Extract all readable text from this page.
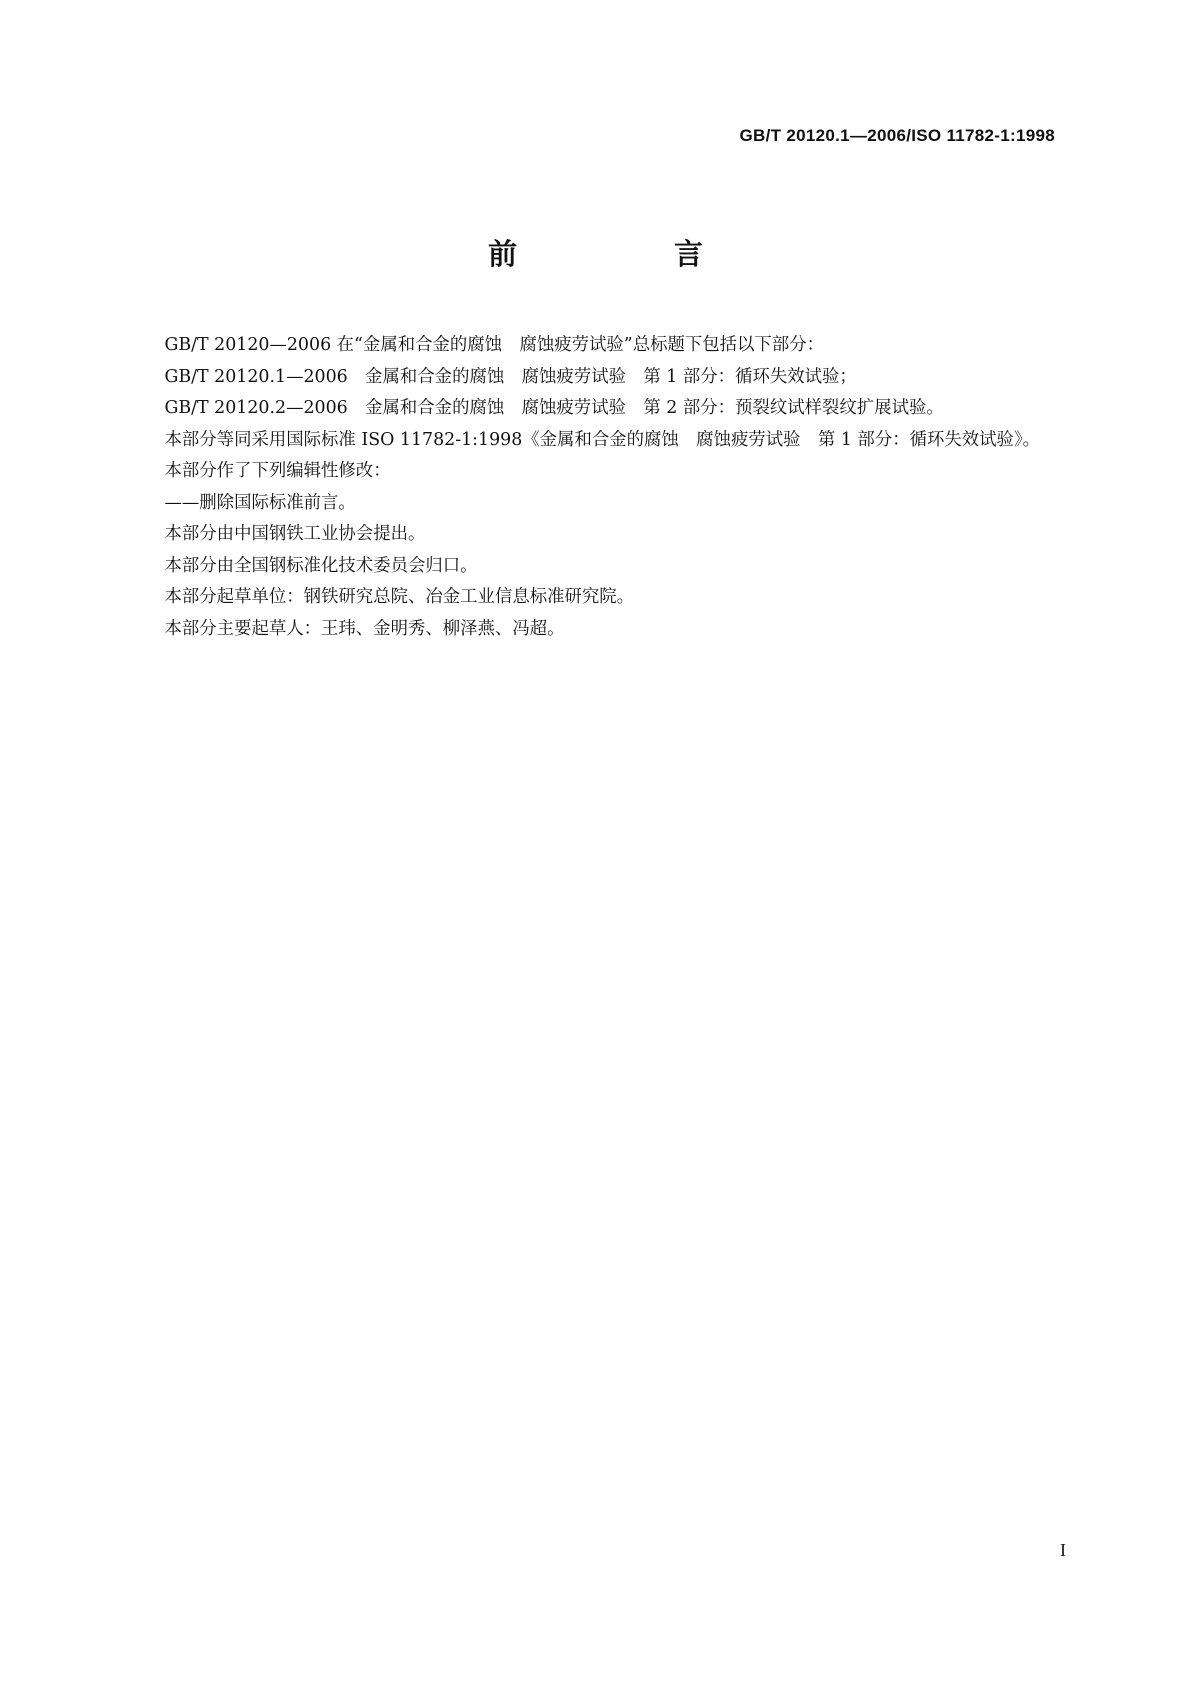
GB/T 20120.1—2006/ISO 11782-1:1998
前　言

GB/T 20120—2006 在“金属和合金的腐蚀　腐蚀疲劳试验”总标题下包括以下部分：

GB/T 20120.1—2006　金属和合金的腐蚀　腐蚀疲劳试验　第 1 部分：循环失效试验；

GB/T 20120.2—2006　金属和合金的腐蚀　腐蚀疲劳试验　第 2 部分：预裂纹试样裂纹扩展试验。

本部分等同采用国际标准 ISO 11782-1:1998《金属和合金的腐蚀　腐蚀疲劳试验　第 1 部分：循环失效试验》。

本部分作了下列编辑性修改：

——删除国际标准前言。

本部分由中国钢铁工业协会提出。

本部分由全国钢标准化技术委员会归口。

本部分起草单位：钢铁研究总院、冶金工业信息标准研究院。

本部分主要起草人：王玮、金明秀、柳泽燕、冯超。

I
